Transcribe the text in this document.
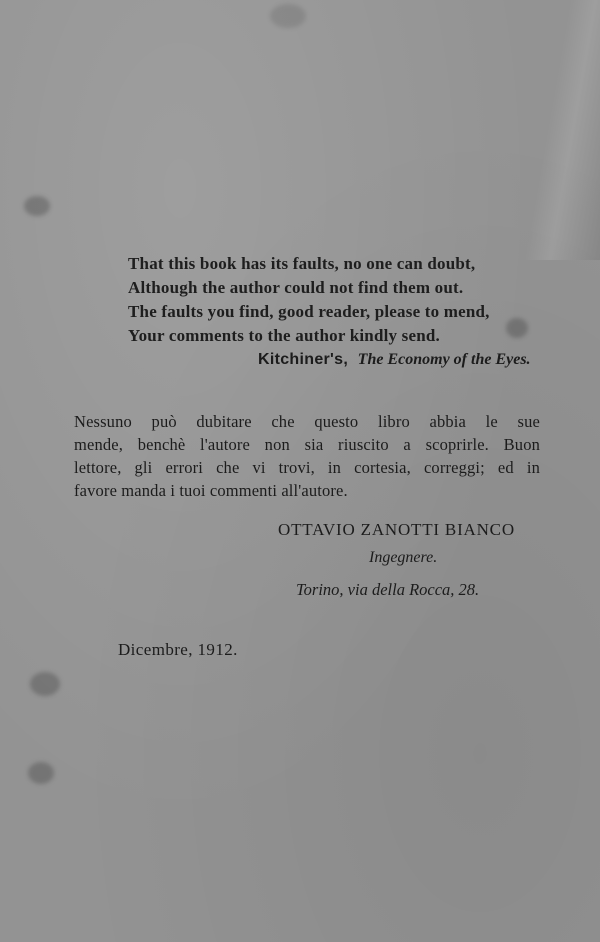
That this book has its faults, no one can doubt,
Although the author could not find them out.
The faults you find, good reader, please to mend,
Your comments to the author kindly send.
Kitchiner's, The Economy of the Eyes.
Nessuno può dubitare che questo libro abbia le sue
mende, benchè l'autore non sia riuscito a scoprirle. Buon
lettore, gli errori che vi trovi, in cortesia, correggi; ed in
favore manda i tuoi commenti all'autore.
OTTAVIO ZANOTTI BIANCO
Ingegnere.
Torino, via della Rocca, 28.
Dicembre, 1912.
